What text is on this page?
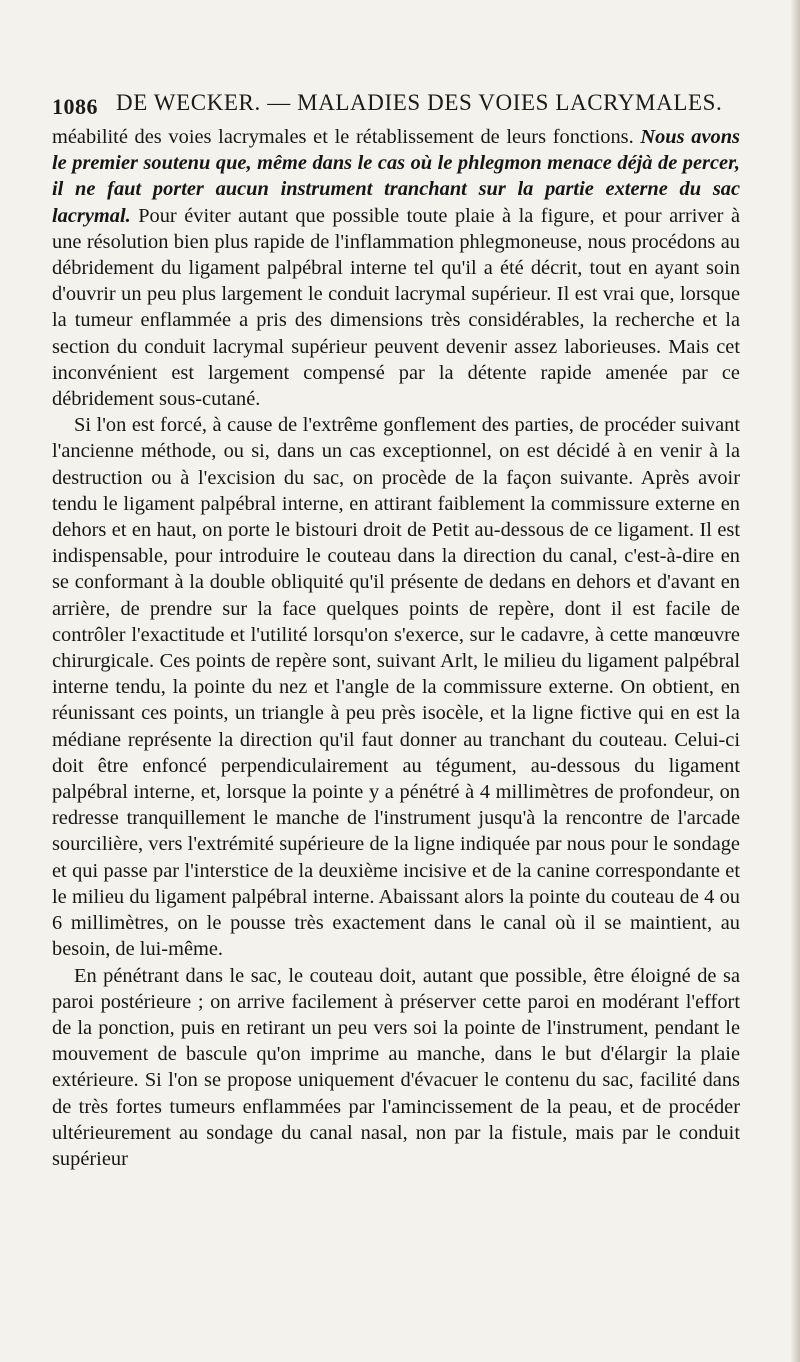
1086 DE WECKER. — MALADIES DES VOIES LACRYMALES.

méabilité des voies lacrymales et le rétablissement de leurs fonctions. Nous avons le premier soutenu que, même dans le cas où le phlegmon menace déjà de percer, il ne faut porter aucun instrument tranchant sur la partie externe du sac lacrymal. Pour éviter autant que possible toute plaie à la figure, et pour arriver à une résolution bien plus rapide de l'inflammation phlegmoneuse, nous procédons au débridement du ligament palpébral interne tel qu'il a été décrit, tout en ayant soin d'ouvrir un peu plus largement le conduit lacrymal supérieur. Il est vrai que, lorsque la tumeur enflammée a pris des dimensions très considérables, la recherche et la section du conduit lacrymal supérieur peuvent devenir assez laborieuses. Mais cet inconvénient est largement compensé par la détente rapide amenée par ce débridement sous-cutané.

Si l'on est forcé, à cause de l'extrême gonflement des parties, de procéder suivant l'ancienne méthode, ou si, dans un cas exceptionnel, on est décidé à en venir à la destruction ou à l'excision du sac, on procède de la façon suivante. Après avoir tendu le ligament palpébral interne, en attirant faiblement la commissure externe en dehors et en haut, on porte le bistouri droit de Petit au-dessous de ce ligament. Il est indispensable, pour introduire le couteau dans la direction du canal, c'est-à-dire en se conformant à la double obliquité qu'il présente de dedans en dehors et d'avant en arrière, de prendre sur la face quelques points de repère, dont il est facile de contrôler l'exactitude et l'utilité lorsqu'on s'exerce, sur le cadavre, à cette manœuvre chirurgicale. Ces points de repère sont, suivant Arlt, le milieu du ligament palpébral interne tendu, la pointe du nez et l'angle de la commissure externe. On obtient, en réunissant ces points, un triangle à peu près isocèle, et la ligne fictive qui en est la médiane représente la direction qu'il faut donner au tranchant du couteau. Celui-ci doit être enfoncé perpendiculairement au tégument, au-dessous du ligament palpébral interne, et, lorsque la pointe y a pénétré à 4 millimètres de profondeur, on redresse tranquillement le manche de l'instrument jusqu'à la rencontre de l'arcade sourcilière, vers l'extrémité supérieure de la ligne indiquée par nous pour le sondage et qui passe par l'interstice de la deuxième incisive et de la canine correspondante et le milieu du ligament palpébral interne. Abaissant alors la pointe du couteau de 4 ou 6 millimètres, on le pousse très exactement dans le canal où il se maintient, au besoin, de lui-même.

En pénétrant dans le sac, le couteau doit, autant que possible, être éloigné de sa paroi postérieure ; on arrive facilement à préserver cette paroi en modérant l'effort de la ponction, puis en retirant un peu vers soi la pointe de l'instrument, pendant le mouvement de bascule qu'on imprime au manche, dans le but d'élargir la plaie extérieure. Si l'on se propose uniquement d'évacuer le contenu du sac, facilité dans de très fortes tumeurs enflammées par l'amincissement de la peau, et de procéder ultérieurement au sondage du canal nasal, non par la fistule, mais par le conduit supérieur
